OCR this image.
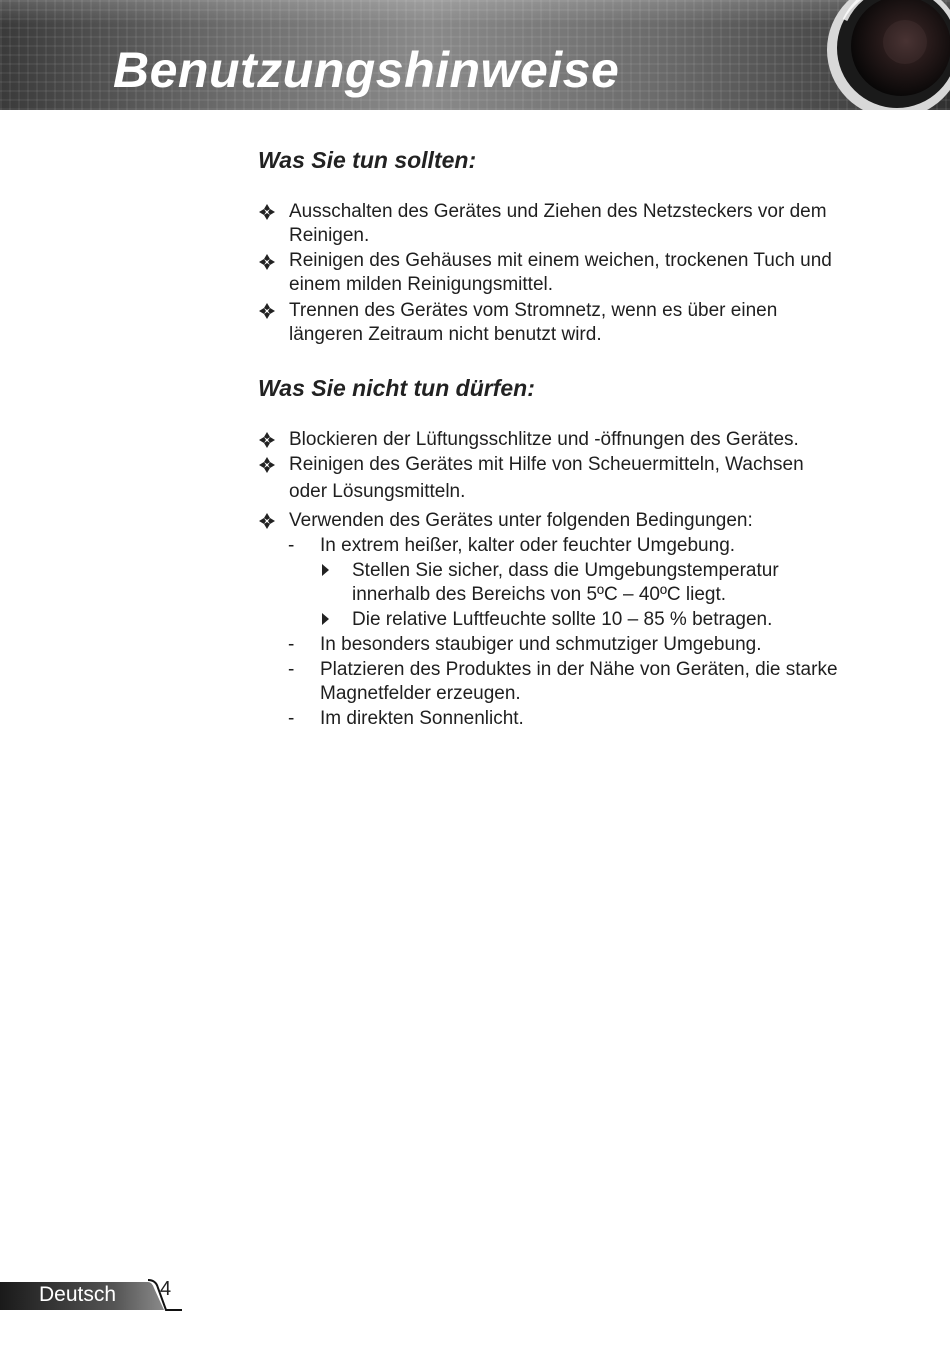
Benutzungshinweise
Was Sie tun sollten:
Ausschalten des Gerätes und Ziehen des Netzsteckers vor dem
Reinigen.
Reinigen des Gehäuses mit einem weichen, trockenen Tuch und
einem milden Reinigungsmittel.
Trennen des Gerätes vom Stromnetz, wenn es über einen
längeren Zeitraum nicht benutzt wird.
Was Sie nicht tun dürfen:
Blockieren der Lüftungsschlitze und -öffnungen des Gerätes.
Reinigen des Gerätes mit Hilfe von Scheuermitteln, Wachsen
oder Lösungsmitteln.
Verwenden des Gerätes unter folgenden Bedingungen:
- In extrem heißer, kalter oder feuchter Umgebung.
Stellen Sie sicher, dass die Umgebungstemperatur
innerhalb des Bereichs von 5ºC – 40ºC liegt.
Die relative Luftfeuchte sollte 10 – 85 % betragen.
- In besonders staubiger und schmutziger Umgebung.
- Platzieren des Produktes in der Nähe von Geräten, die starke
Magnetfelder erzeugen.
- Im direkten Sonnenlicht.
Deutsch 4
